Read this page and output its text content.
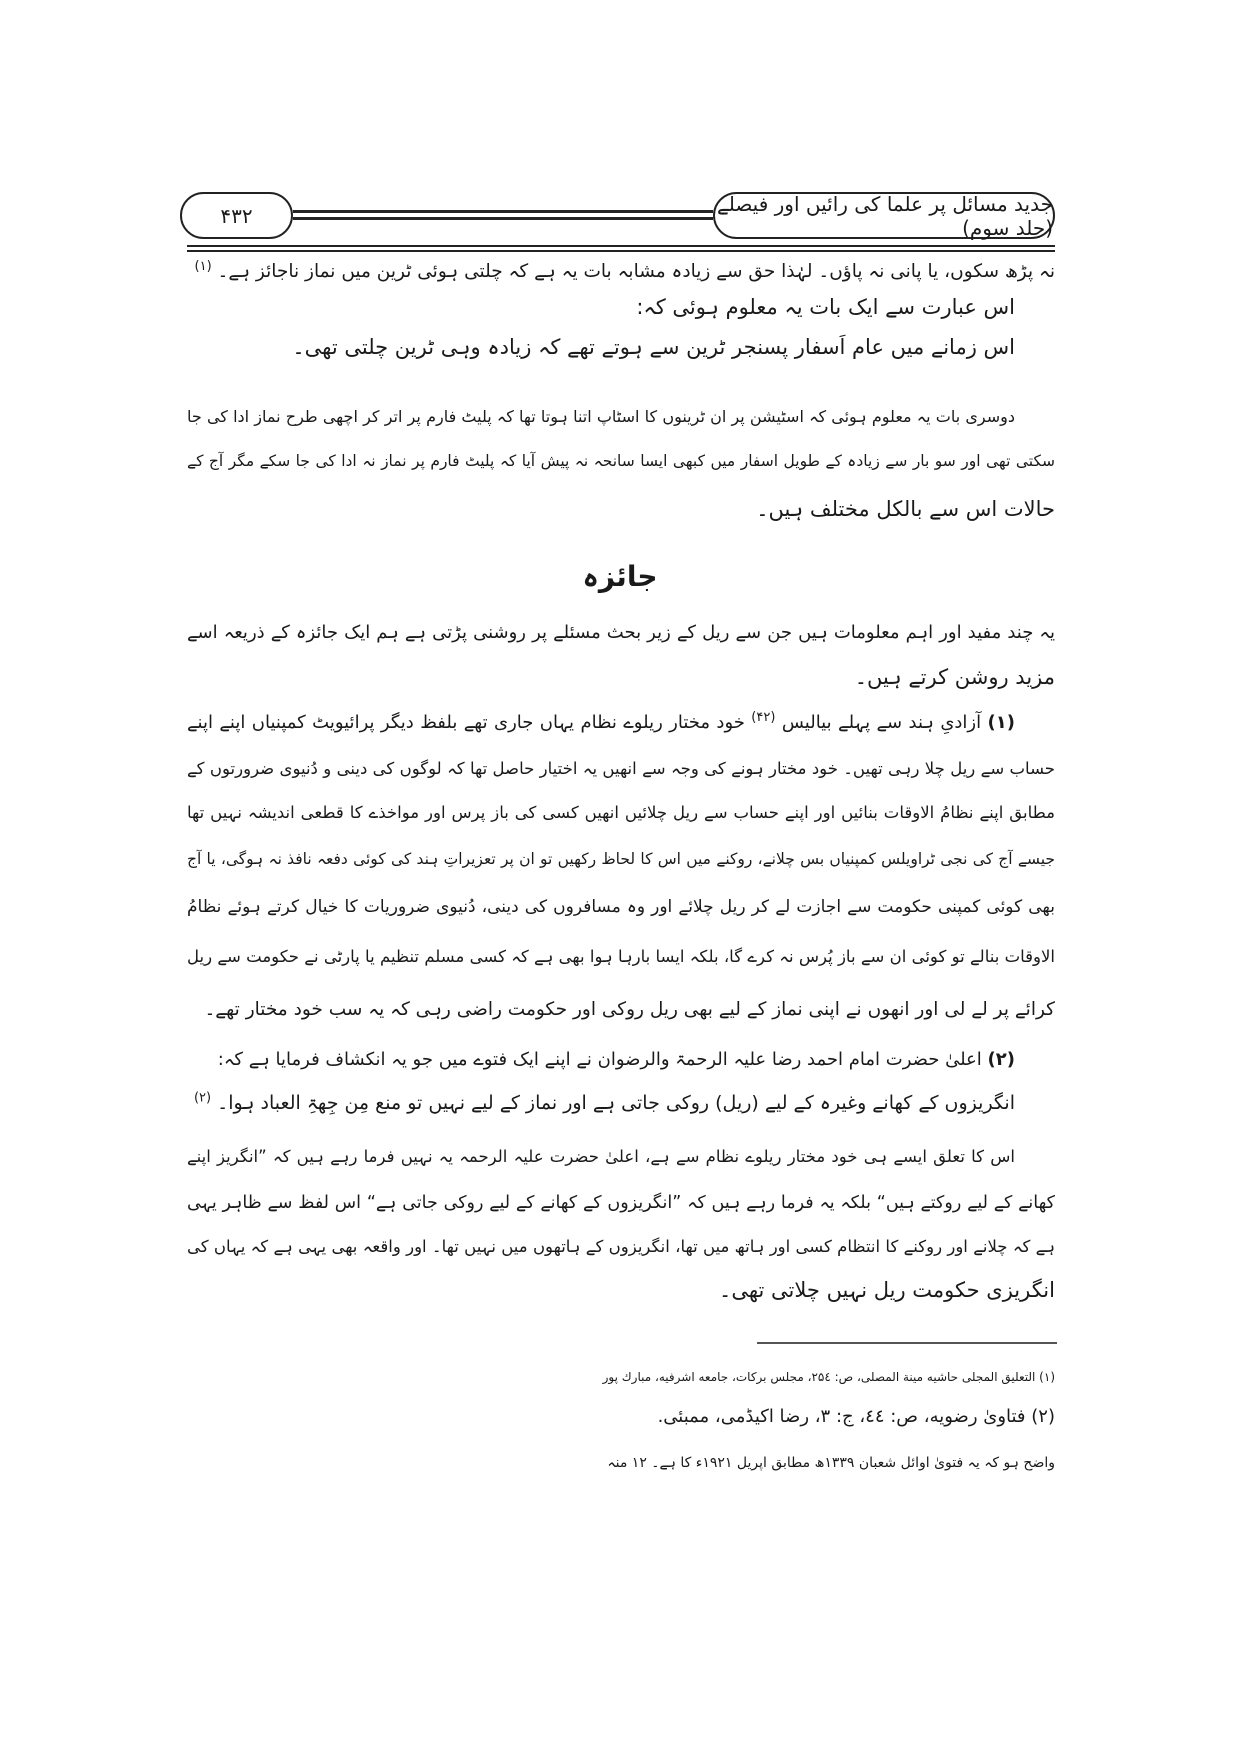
۴۳۲	جدید مسائل پر علما کی رائیں اور فیصلے (جلد سوم)
نہ پڑھ سکوں، یا پانی نہ پاؤں۔ لہٰذا حق سے زیادہ مشابہ بات یہ ہے کہ چلتی ہوئی ٹرین میں نماز ناجائز ہے۔ $^{(۱)}$
اس عبارت سے ایک بات یہ معلوم ہوئی کہ:
اس زمانے میں عام اَسفار پسنجر ٹرین سے ہوتے تھے کہ زیادہ وہی ٹرین چلتی تھی۔
دوسری بات یہ معلوم ہوئی کہ اسٹیشن پر ان ٹرینوں کا اسٹاپ اتنا ہوتا تھا کہ پلیٹ فارم پر اتر کر اچھی طرح نماز ادا کی جا
سکتی تھی اور سو بار سے زیادہ کے طویل اسفار میں کبھی ایسا سانحہ نہ پیش آیا کہ پلیٹ فارم پر نماز نہ ادا کی جا سکے مگر آج کے
حالات اس سے بالکل مختلف ہیں۔
جائزہ
یہ چند مفید اور اہم معلومات ہیں جن سے ریل کے زیر بحث مسئلے پر روشنی پڑتی ہے ہم ایک جائزہ کے ذریعہ اسے
مزید روشن کرتے ہیں۔
(۱) آزادیِ ہند سے پہلے بیالیس $^{(۴۲)}$ خود مختار ریلوے نظام یہاں جاری تھے بلفظ دیگر پرائیویٹ کمپنیاں اپنے اپنے
حساب سے ریل چلا رہی تھیں۔ خود مختار ہونے کی وجہ سے انھیں یہ اختیار حاصل تھا کہ لوگوں کی دینی و دُنیوی ضرورتوں کے
مطابق اپنے نظامُ الاوقات بنائیں اور اپنے حساب سے ریل چلائیں انھیں کسی کی باز پرس اور مواخذے کا قطعی اندیشہ نہیں تھا
جیسے آج کی نجی ٹراویلس کمپنیاں بس چلانے، روکنے میں اس کا لحاظ رکھیں تو ان پر تعزیراتِ ہند کی کوئی دفعہ نافذ نہ ہوگی، یا آج
بھی کوئی کمپنی حکومت سے اجازت لے کر ریل چلائے اور وہ مسافروں کی دینی، دُنیوی ضروریات کا خیال کرتے ہوئے نظامُ
الاوقات بنالے تو کوئی ان سے باز پُرس نہ کرے گا، بلکہ ایسا بارہا ہوا بھی ہے کہ کسی مسلم تنظیم یا پارٹی نے حکومت سے ریل
کرائے پر لے لی اور انھوں نے اپنی نماز کے لیے بھی ریل روکی اور حکومت راضی رہی کہ یہ سب خود مختار تھے۔
(۲) اعلیٰ حضرت امام احمد رضا علیہ الرحمۃ والرضوان نے اپنے ایک فتوے میں جو یہ انکشاف فرمایا ہے کہ:
انگریزوں کے کھانے وغیرہ کے لیے (ریل) روکی جاتی ہے اور نماز کے لیے نہیں تو منع مِن جِھۃِ العباد ہوا۔ $^{(۲)}$
اس کا تعلق ایسے ہی خود مختار ریلوے نظام سے ہے، اعلیٰ حضرت علیہ الرحمہ یہ نہیں فرما رہے ہیں کہ ”انگریز اپنے
کھانے کے لیے روکتے ہیں“ بلکہ یہ فرما رہے ہیں کہ ”انگریزوں کے کھانے کے لیے روکی جاتی ہے“ اس لفظ سے ظاہر یہی
ہے کہ چلانے اور روکنے کا انتظام کسی اور ہاتھ میں تھا، انگریزوں کے ہاتھوں میں نہیں تھا۔ اور واقعہ بھی یہی ہے کہ یہاں کی
انگریزی حکومت ریل نہیں چلاتی تھی۔
(۱) التعليق المجلى حاشيه مينة المصلى، ص: ۲۵٤، مجلس بركات، جامعه اشرفيه، مبارك پور
(۲) فتاویٰ رضويه، ص: ٤٤، ج: ۳، رضا اكيڈمی، ممبئی.
واضح ہو کہ یہ فتویٰ اوائل شعبان ۱۳۳۹ھ مطابق اپریل ۱۹۲۱ء کا ہے۔ ۱۲ منہ
